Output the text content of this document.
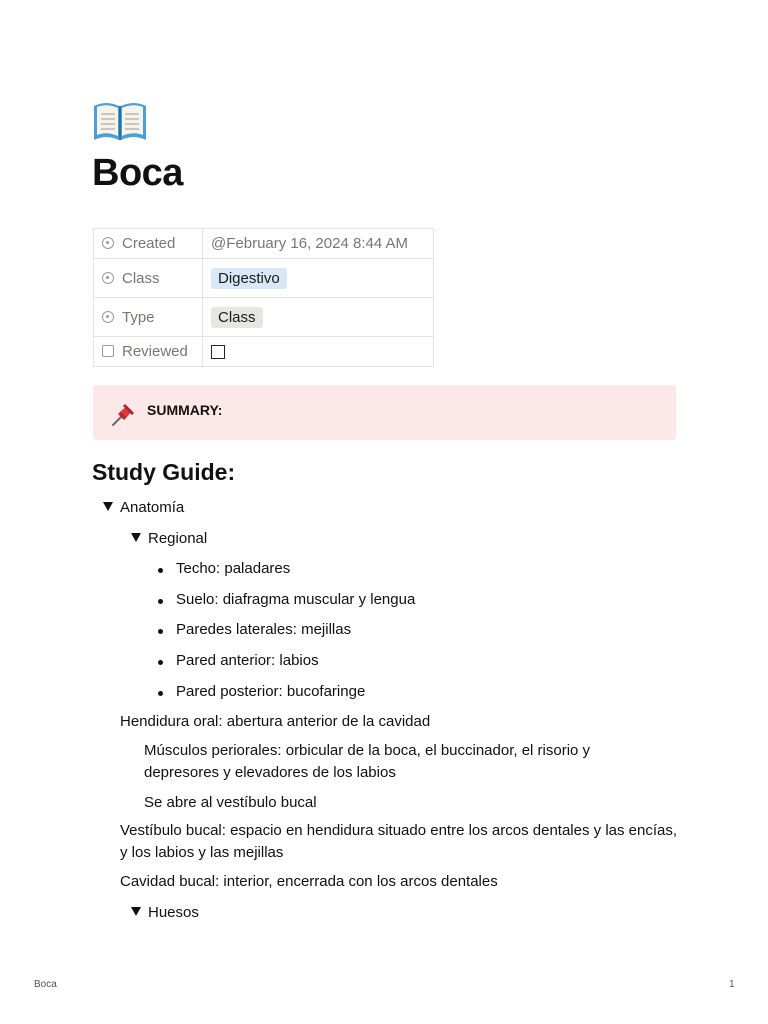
Boca
Created	@February 16, 2024 8:44 AM
Class	Digestivo
Type	Class
Reviewed	
SUMMARY:
Study Guide:
Anatomía
Regional
Techo: paladares
Suelo: diafragma muscular y lengua
Paredes laterales: mejillas
Pared anterior: labios
Pared posterior: bucofaringe
Hendidura oral: abertura anterior de la cavidad
Músculos periorales: orbicular de la boca, el buccinador, el risorio y depresores y elevadores de los labios
Se abre al vestíbulo bucal
Vestíbulo bucal: espacio en hendidura situado entre los arcos dentales y las encías, y los labios y las mejillas
Cavidad bucal: interior, encerrada con los arcos dentales
Huesos
Boca	1
